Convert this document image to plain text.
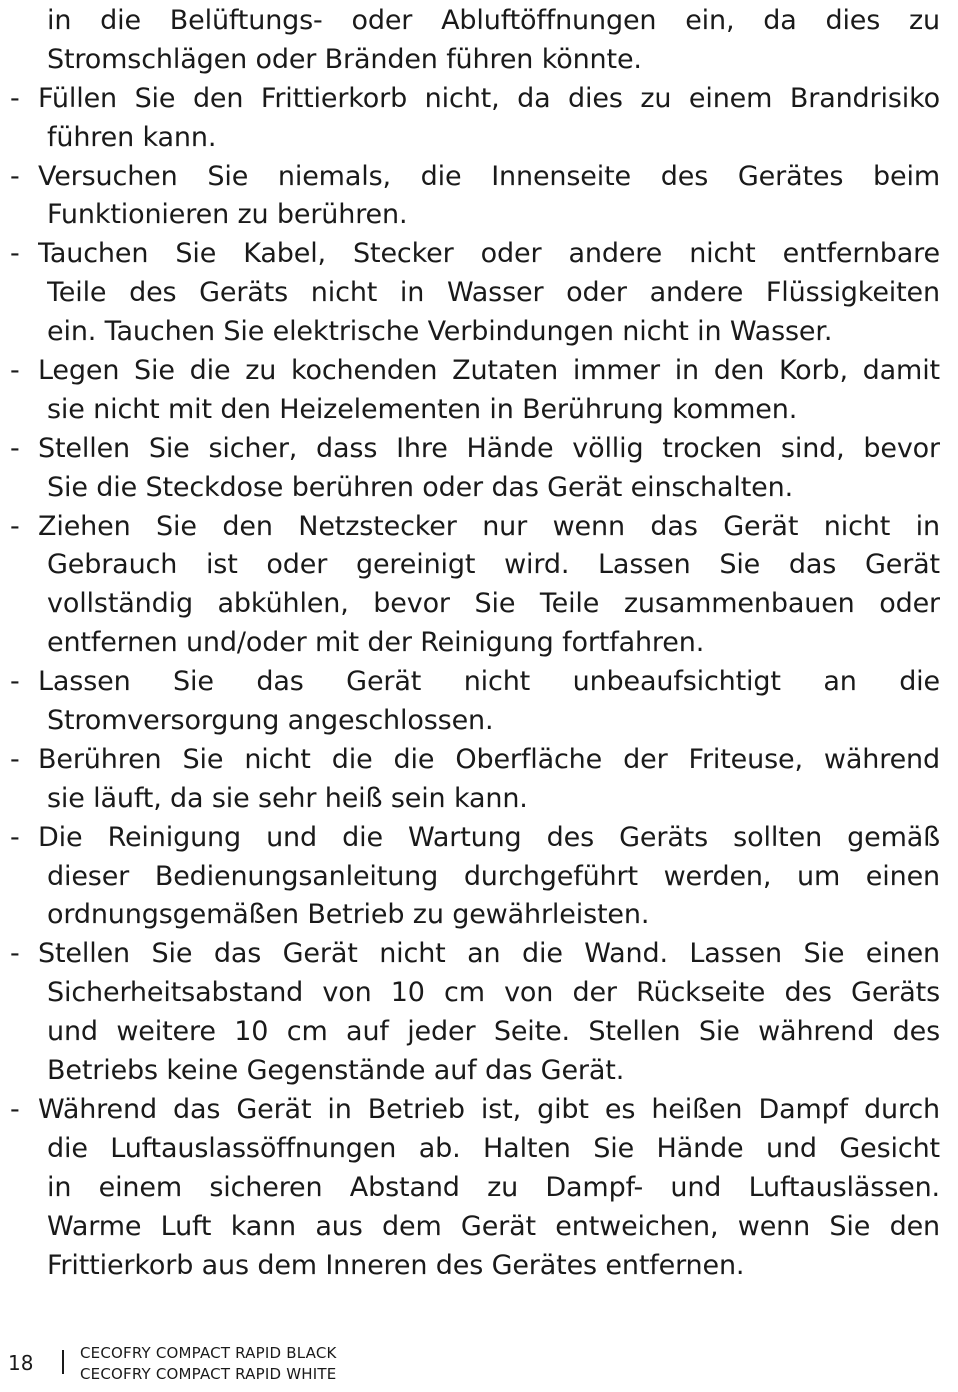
in die Belüftungs- oder Abluftöffnungen ein, da dies zu
Stromschlägen oder Bränden führen könnte.
- Füllen Sie den Frittierkorb nicht, da dies zu einem Brandrisiko
führen kann.
- Versuchen Sie niemals, die Innenseite des Gerätes beim
Funktionieren zu berühren.
- Tauchen Sie Kabel, Stecker oder andere nicht entfernbare
Teile des Geräts nicht in Wasser oder andere Flüssigkeiten
ein. Tauchen Sie elektrische Verbindungen nicht in Wasser.
- Legen Sie die zu kochenden Zutaten immer in den Korb, damit
sie nicht mit den Heizelementen in Berührung kommen.
- Stellen Sie sicher, dass Ihre Hände völlig trocken sind, bevor
Sie die Steckdose berühren oder das Gerät einschalten.
- Ziehen Sie den Netzstecker nur wenn das Gerät nicht in
Gebrauch ist oder gereinigt wird. Lassen Sie das Gerät
vollständig abkühlen, bevor Sie Teile zusammenbauen oder
entfernen und/oder mit der Reinigung fortfahren.
- Lassen Sie das Gerät nicht unbeaufsichtigt an die
Stromversorgung angeschlossen.
- Berühren Sie nicht die die Oberfläche der Friteuse, während
sie läuft, da sie sehr heiß sein kann.
- Die Reinigung und die Wartung des Geräts sollten gemäß
dieser Bedienungsanleitung durchgeführt werden, um einen
ordnungsgemäßen Betrieb zu gewährleisten.
- Stellen Sie das Gerät nicht an die Wand. Lassen Sie einen
Sicherheitsabstand von 10 cm von der Rückseite des Geräts
und weitere 10 cm auf jeder Seite. Stellen Sie während des
Betriebs keine Gegenstände auf das Gerät.
- Während das Gerät in Betrieb ist, gibt es heißen Dampf durch
die Luftauslassöffnungen ab. Halten Sie Hände und Gesicht
in einem sicheren Abstand zu Dampf- und Luftauslässen.
Warme Luft kann aus dem Gerät entweichen, wenn Sie den
Frittierkorb aus dem Inneren des Gerätes entfernen.
18	CECOFRY COMPACT RAPID BLACK
CECOFRY COMPACT RAPID WHITE
